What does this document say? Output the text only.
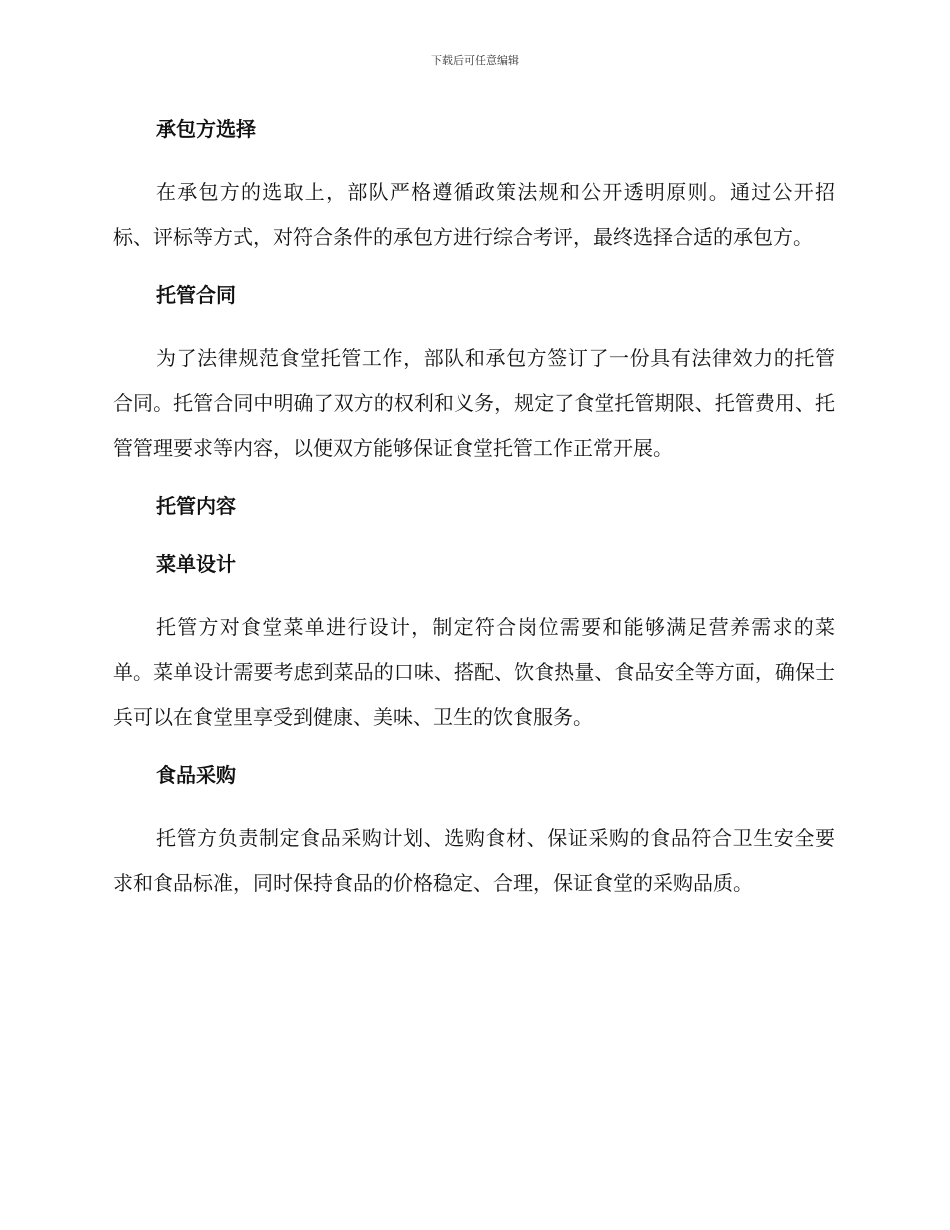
下载后可任意编辑
承包方选择

在承包方的选取上，部队严格遵循政策法规和公开透明原则。通过公开招标、评标等方式，对符合条件的承包方进行综合考评，最终选择合适的承包方。

托管合同

为了法律规范食堂托管工作，部队和承包方签订了一份具有法律效力的托管合同。托管合同中明确了双方的权利和义务，规定了食堂托管期限、托管费用、托管管理要求等内容，以便双方能够保证食堂托管工作正常开展。

托管内容
菜单设计

托管方对食堂菜单进行设计，制定符合岗位需要和能够满足营养需求的菜单。菜单设计需要考虑到菜品的口味、搭配、饮食热量、食品安全等方面，确保士兵可以在食堂里享受到健康、美味、卫生的饮食服务。

食品采购

托管方负责制定食品采购计划、选购食材、保证采购的食品符合卫生安全要求和食品标准，同时保持食品的价格稳定、合理，保证食堂的采购品质。
